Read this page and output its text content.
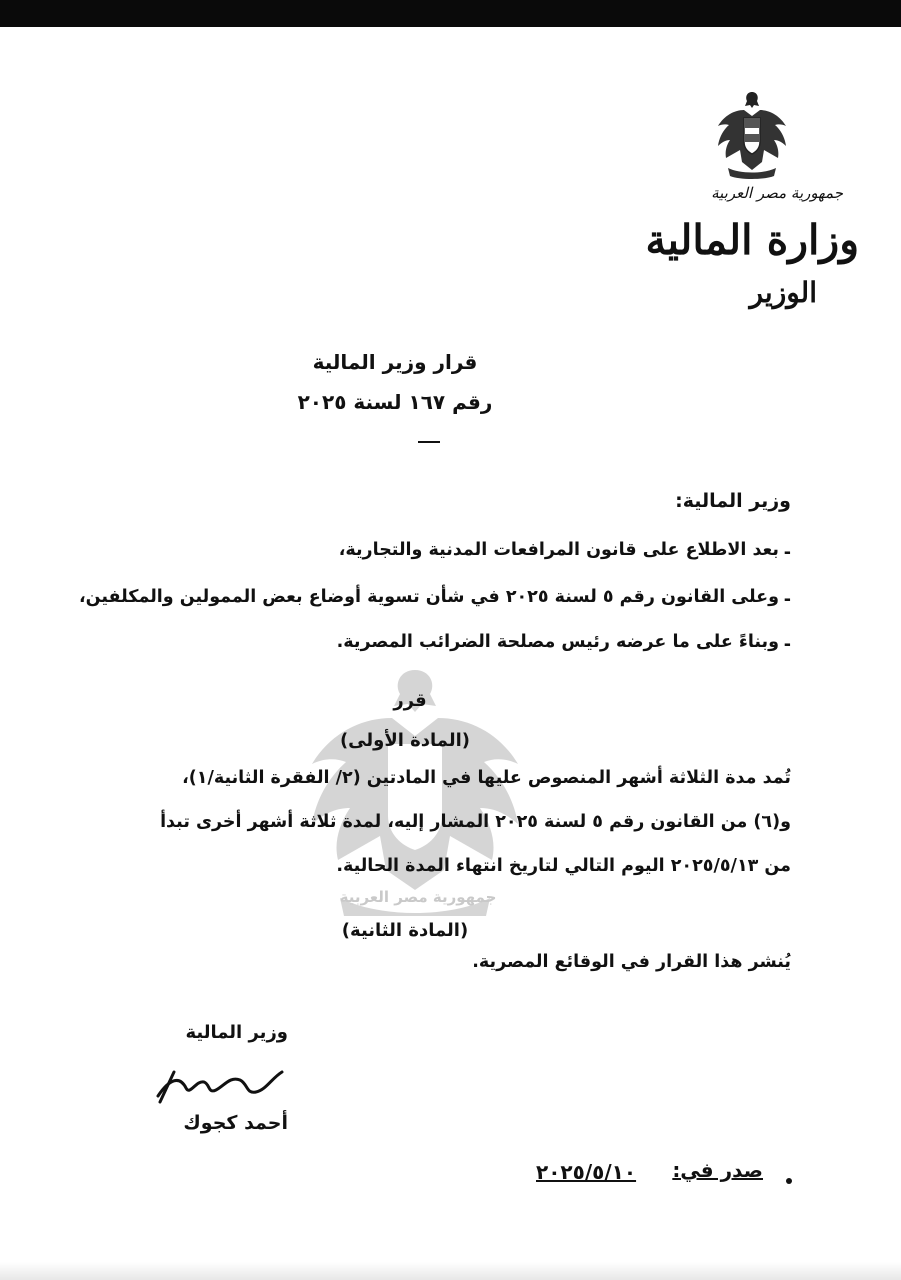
جمهورية مصر العربية
وزارة المالية
الوزير
قرار وزير المالية
رقم ١٦٧ لسنة ٢٠٢٥
جمهورية مصر العربية
وزير المالية:
-
بعد الاطلاع على قانون المرافعات المدنية والتجارية،
-
وعلى القانون رقم ٥ لسنة ٢٠٢٥ في شأن تسوية أوضاع بعض الممولين والمكلفين،
-
وبناءً على ما عرضه رئيس مصلحة الضرائب المصرية.
قرر
(المادة الأولى)
تُمد مدة الثلاثة أشهر المنصوص عليها في المادتين (٢/ الفقرة الثانية/١)،
و(٦) من القانون رقم ٥ لسنة ٢٠٢٥ المشار إليه، لمدة ثلاثة أشهر أخرى تبدأ
من ٢٠٢٥/٥/١٣ اليوم التالي لتاريخ انتهاء المدة الحالية.
(المادة الثانية)
يُنشر هذا القرار في الوقائع المصرية.
وزير المالية
أحمد كجوك
صدر في:
٢٠٢٥/٥/١٠
